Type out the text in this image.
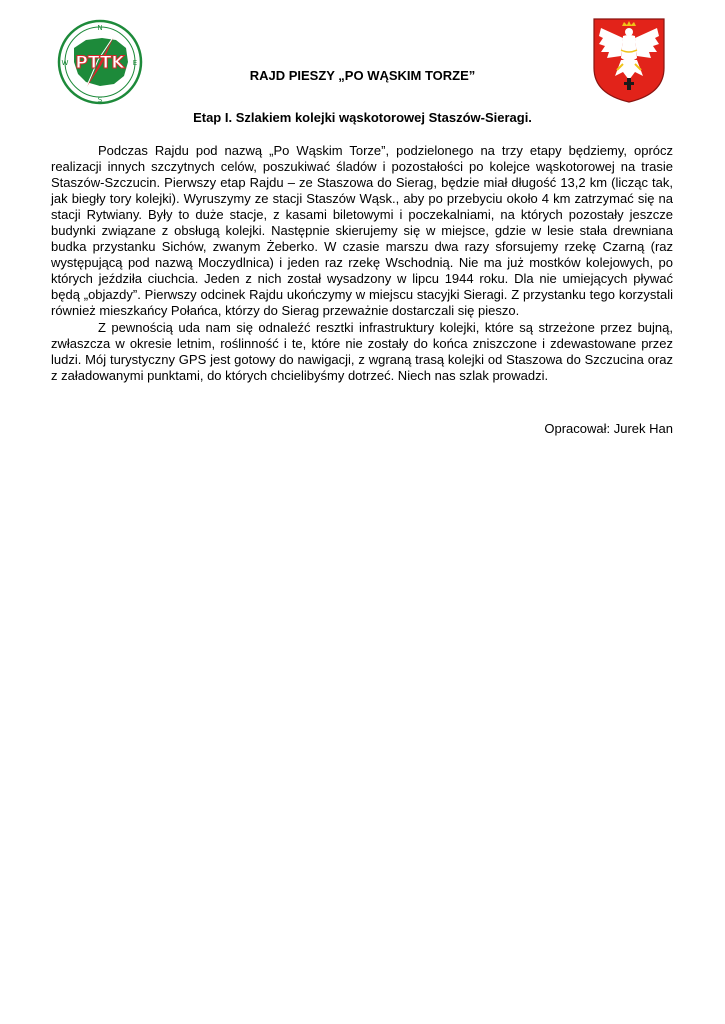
N
E
S
W PTTK
RAJD PIESZY „PO WĄSKIM TORZE”
Etap I. Szlakiem kolejki wąskotorowej Staszów-Sieragi.

Podczas Rajdu pod nazwą „Po Wąskim Torze”, podzielonego na trzy etapy będziemy, oprócz realizacji innych szczytnych celów, poszukiwać śladów i pozostałości po kolejce wąskotorowej na trasie Staszów-Szczucin. Pierwszy etap Rajdu – ze Staszowa do Sierag, będzie miał długość 13,2 km (licząc tak, jak biegły tory kolejki). Wyruszymy ze stacji Staszów Wąsk., aby po przebyciu około 4 km zatrzymać się na stacji Rytwiany. Były to duże stacje, z kasami biletowymi i poczekalniami, na których pozostały jeszcze budynki związane z obsługą kolejki. Następnie skierujemy się w miejsce, gdzie w lesie stała drewniana budka przystanku Sichów, zwanym Żeberko. W czasie marszu dwa razy sforsujemy rzekę Czarną (raz występującą pod nazwą Moczydlnica) i jeden raz rzekę Wschodnią. Nie ma już mostków kolejowych, po których jeździła ciuchcia. Jeden z nich został wysadzony w lipcu 1944 roku. Dla nie umiejących pływać będą „objazdy”. Pierwszy odcinek Rajdu ukończymy w miejscu stacyjki Sieragi. Z przystanku tego korzystali również mieszkańcy Połańca, którzy do Sierag przeważnie dostarczali się pieszo.

Z pewnością uda nam się odnaleźć resztki infrastruktury kolejki, które są strzeżone przez bujną, zwłaszcza w okresie letnim, roślinność i te, które nie zostały do końca zniszczone i zdewastowane przez ludzi. Mój turystyczny GPS jest gotowy do nawigacji, z wgraną trasą kolejki od Staszowa do Szczucina oraz z załadowanymi punktami, do których chcielibyśmy dotrzeć. Niech nas szlak prowadzi.

Opracował: Jurek Han
